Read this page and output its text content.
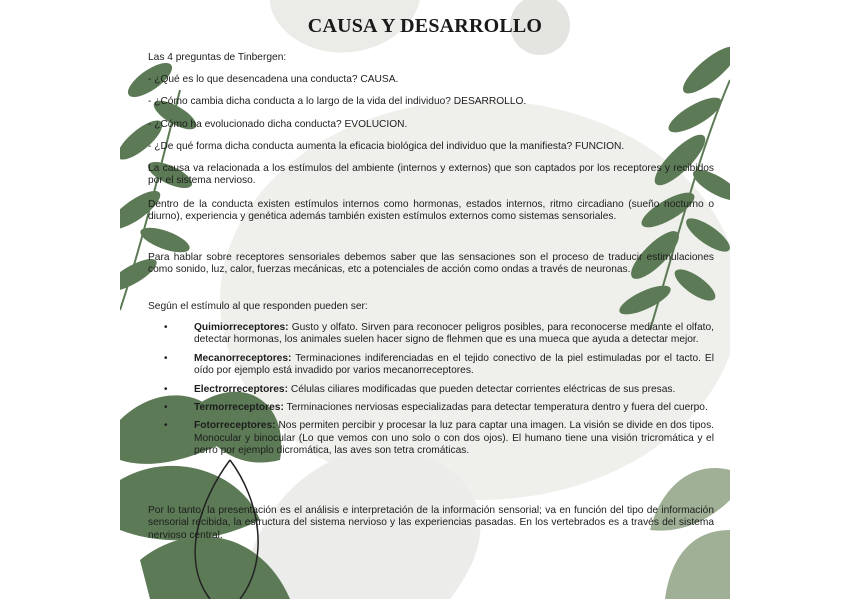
CAUSA Y DESARROLLO
Las 4 preguntas de Tinbergen:
- ¿Qué es lo que desencadena una conducta? CAUSA.
- ¿Cómo cambia dicha conducta a lo largo de la vida del individuo? DESARROLLO.
- ¿Cómo ha evolucionado dicha conducta? EVOLUCION.
- ¿De qué forma dicha conducta aumenta la eficacia biológica del individuo que la manifiesta? FUNCION.
La causa va relacionada a los estímulos del ambiente (internos y externos) que son captados por los receptores y recibidos por el sistema nervioso.
Dentro de la conducta existen estímulos internos como hormonas, estados internos, ritmo circadiano (sueño nocturno o diurno), experiencia y genética además también existen estímulos externos como sistemas sensoriales.
Para hablar sobre receptores sensoriales debemos saber que las sensaciones son el proceso de traducir estimulaciones como sonido, luz, calor, fuerzas mecánicas, etc a potenciales de acción como ondas a través de neuronas.
Según el estímulo al que responden pueden ser:
•	Quimiorreceptores: Gusto y olfato. Sirven para reconocer peligros posibles, para reconocerse mediante el olfato, detectar hormonas, los animales suelen hacer signo de flehmen que es una mueca que ayuda a detectar mejor.
•	Mecanorreceptores: Terminaciones indiferenciadas en el tejido conectivo de la piel estimuladas por el tacto. El oído por ejemplo está invadido por varios mecanorreceptores.
•	Electrorreceptores: Células ciliares modificadas que pueden detectar corrientes eléctricas de sus presas.
•	Termorreceptores: Terminaciones nerviosas especializadas para detectar temperatura dentro y fuera del cuerpo.
•	Fotorreceptores: Nos permiten percibir y procesar la luz para captar una imagen. La visión se divide en dos tipos. Monocular y binocular (Lo que vemos con uno solo o con dos ojos). El humano tiene una visión tricromática y el perro por ejemplo dicromática, las aves son tetra cromáticas.
Por lo tanto, la presentación es el análisis e interpretación de la información sensorial; va en función del tipo de información sensorial recibida, la estructura del sistema nervioso y las experiencias pasadas. En los vertebrados es a través del sistema nervioso central.
